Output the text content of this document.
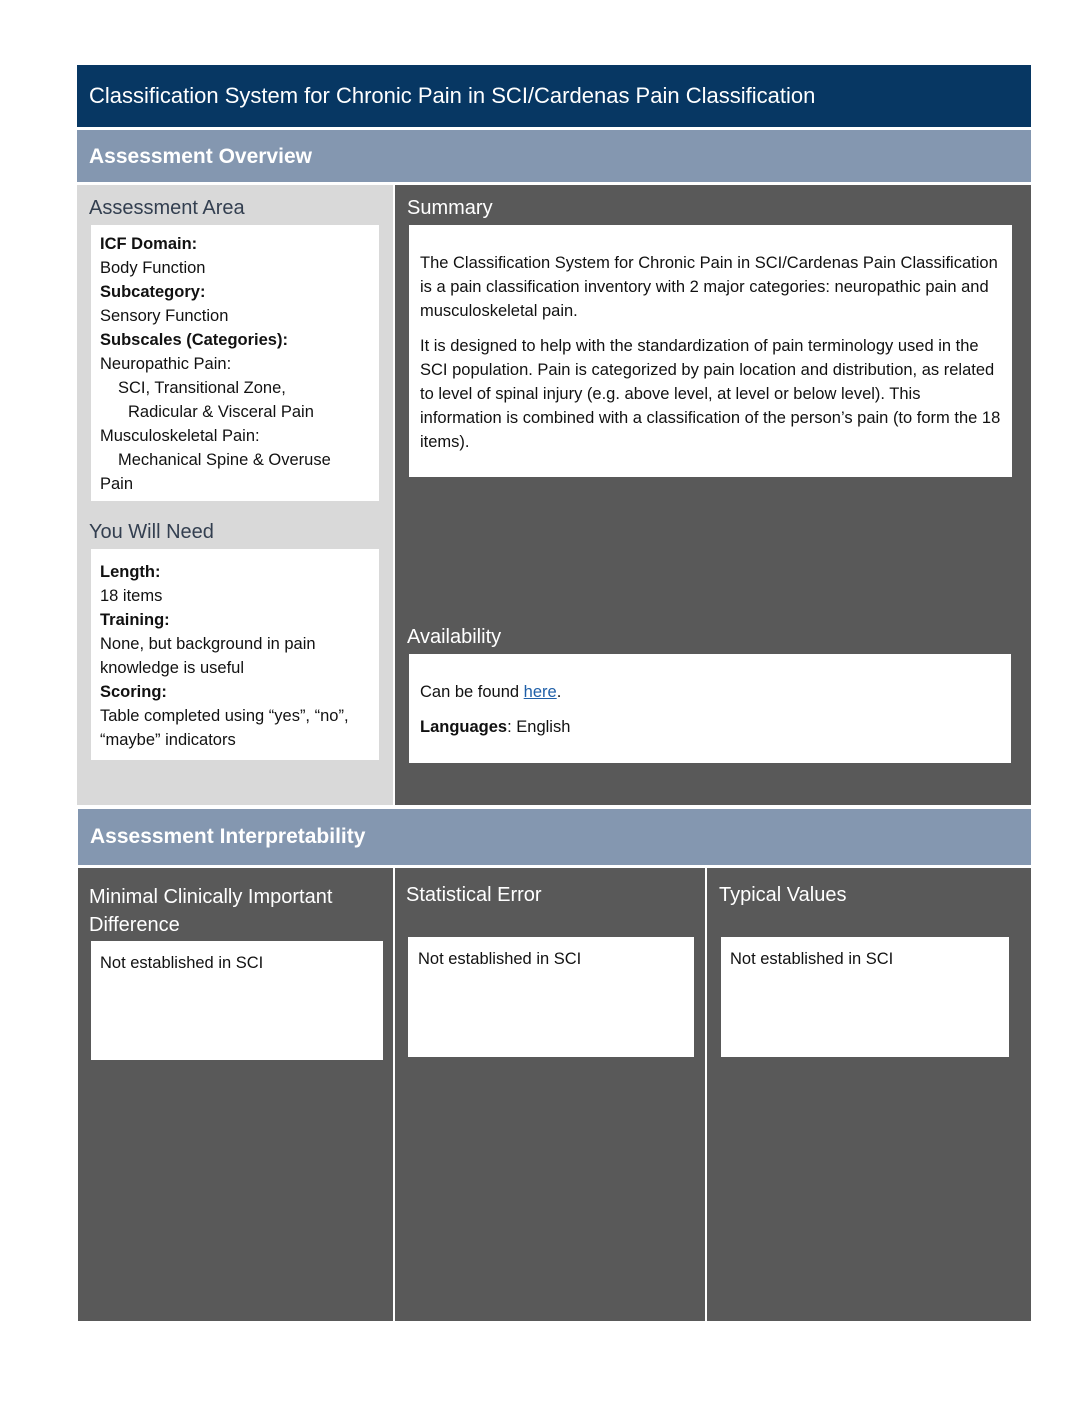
Classification System for Chronic Pain in SCI/Cardenas Pain Classification
Assessment Overview
Assessment Area

ICF Domain:

Body Function

Subcategory:

Sensory Function

Subscales (Categories):

Neuropathic Pain:

SCI, Transitional Zone,

Radicular & Visceral Pain

Musculoskeletal Pain:

Mechanical Spine & Overuse

Pain

You Will Need

Length:

18 items

Training:

None, but background in pain knowledge is useful

Scoring:

Table completed using “yes”, “no”, “maybe” indicators

Summary

The Classification System for Chronic Pain in SCI/Cardenas Pain Classification is a pain classification inventory with 2 major categories: neuropathic pain and musculoskeletal pain.

It is designed to help with the standardization of pain terminology used in the SCI population. Pain is categorized by pain location and distribution, as related to level of spinal injury (e.g. above level, at level or below level). This information is combined with a classification of the person’s pain (to form the 18 items).

Availability

Can be found here.

Languages: English

Assessment Interpretability
Minimal Clinically Important Difference
Statistical Error	Typical Values

Not established in SCI	Not established in SCI	Not established in SCI
